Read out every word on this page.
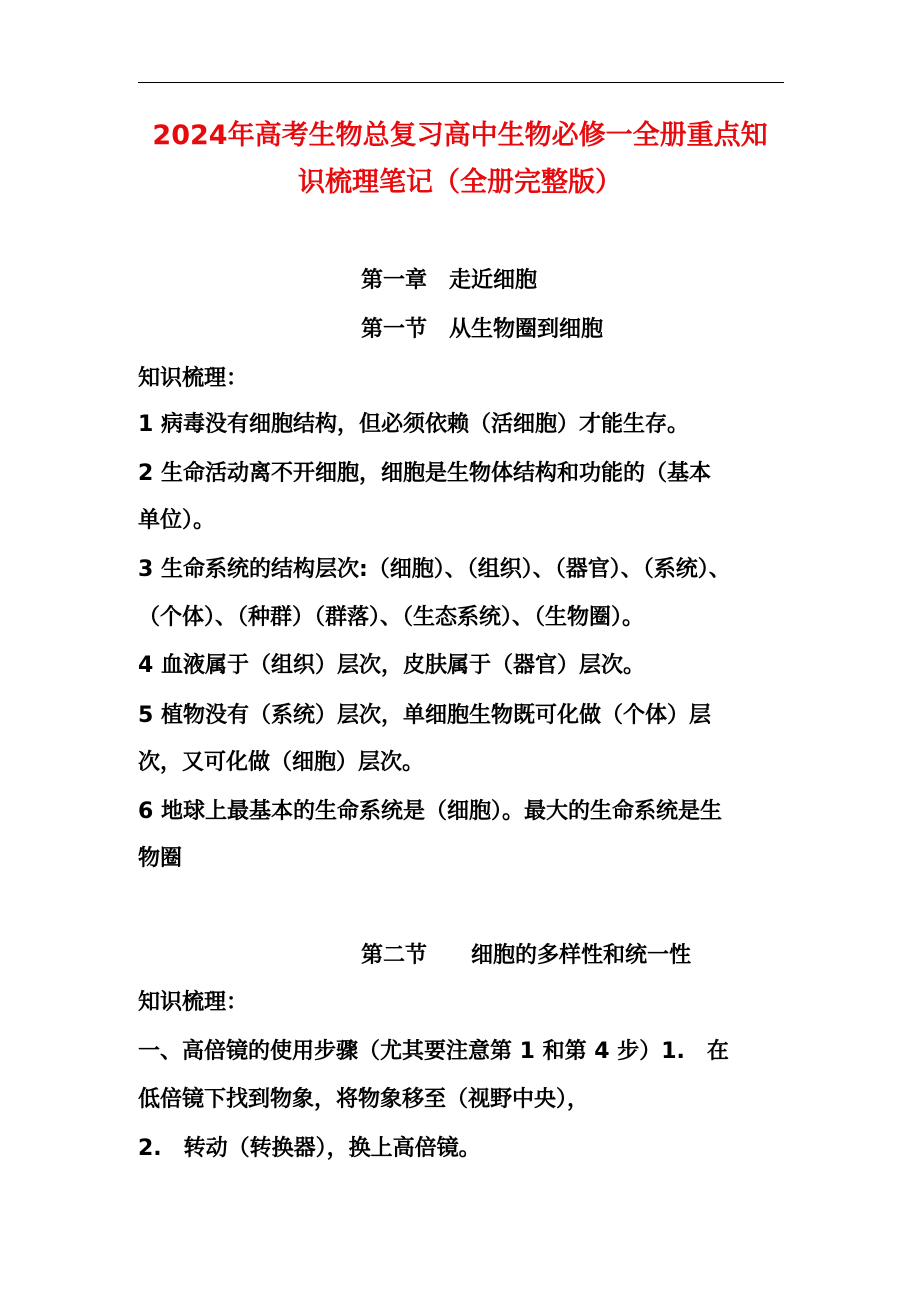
2024年高考生物总复习高中生物必修一全册重点知
识梳理笔记（全册完整版）
第一章　走近细胞
第一节　从生物圈到细胞

知识梳理：

1 病毒没有细胞结构，但必须依赖（活细胞）才能生存。

2 生命活动离不开细胞，细胞是生物体结构和功能的（基本

单位）。

3 生命系统的结构层次:（细胞）、（组织）、（器官）、（系统）、

（个体）、（种群）（群落）、（生态系统）、（生物圈）。

4 血液属于（组织）层次，皮肤属于（器官）层次。

5 植物没有（系统）层次，单细胞生物既可化做（个体）层

次，又可化做（细胞）层次。

6 地球上最基本的生命系统是（细胞）。最大的生命系统是生

物圈

第二节　　细胞的多样性和统一性

知识梳理：

一、高倍镜的使用步骤（尤其要注意第 1 和第 4 步）1.　在

低倍镜下找到物象，将物象移至（视野中央），

2.　转动（转换器），换上高倍镜。
